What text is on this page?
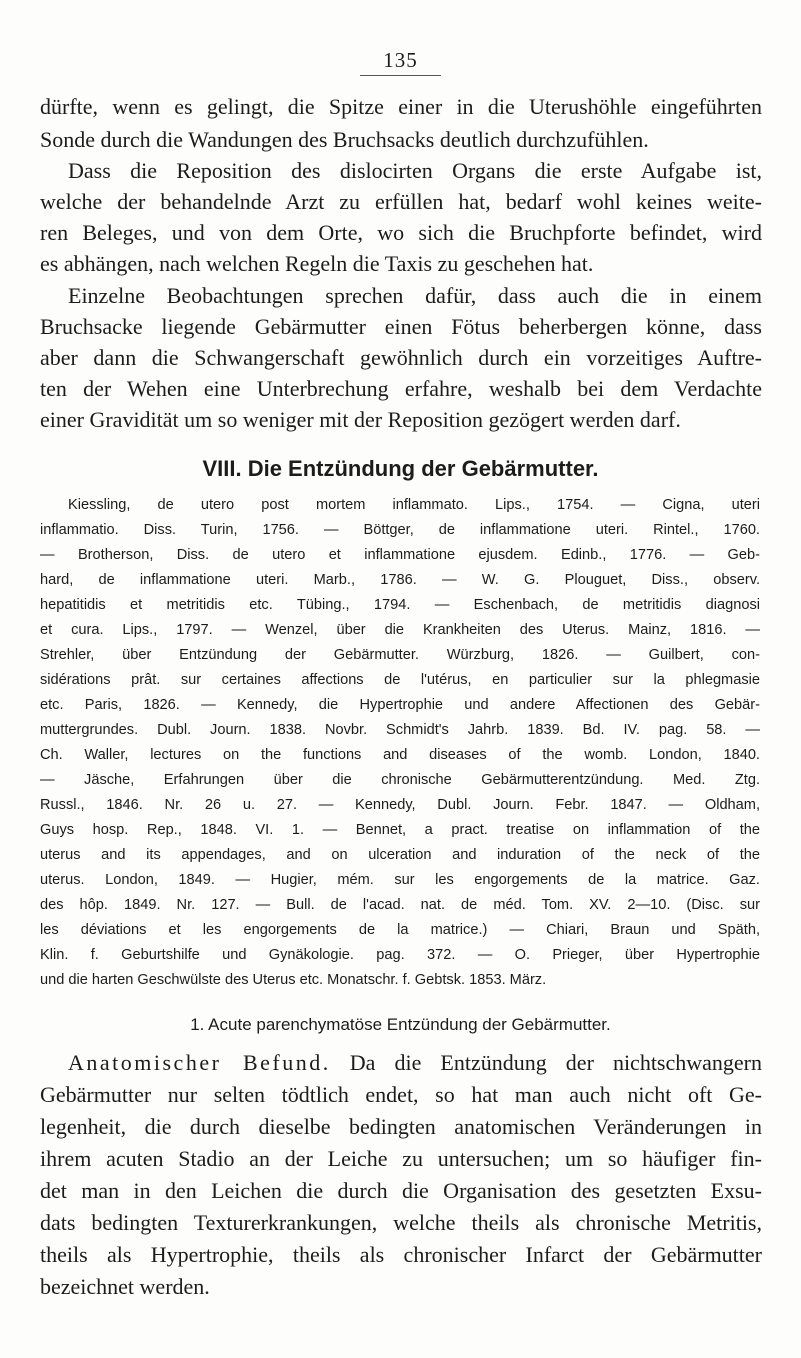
135
dürfte, wenn es gelingt, die Spitze einer in die Uterushöhle eingeführten
Sonde durch die Wandungen des Bruchsacks deutlich durchzufühlen.
Dass die Reposition des dislocirten Organs die erste Aufgabe ist,
welche der behandelnde Arzt zu erfüllen hat, bedarf wohl keines weite-
ren Beleges, und von dem Orte, wo sich die Bruchpforte befindet, wird
es abhängen, nach welchen Regeln die Taxis zu geschehen hat.
Einzelne Beobachtungen sprechen dafür, dass auch die in einem
Bruchsacke liegende Gebärmutter einen Fötus beherbergen könne, dass
aber dann die Schwangerschaft gewöhnlich durch ein vorzeitiges Auftre-
ten der Wehen eine Unterbrechung erfahre, weshalb bei dem Verdachte
einer Gravidität um so weniger mit der Reposition gezögert werden darf.
VIII. Die Entzündung der Gebärmutter.
Kiessling, de utero post mortem inflammato. Lips., 1754. — Cigna, uteri
inflammatio. Diss. Turin, 1756. — Böttger, de inflammatione uteri. Rintel., 1760.
— Brotherson, Diss. de utero et inflammatione ejusdem. Edinb., 1776. — Geb-
hard, de inflammatione uteri. Marb., 1786. — W. G. Plouguet, Diss., observ.
hepatitidis et metritidis etc. Tübing., 1794. — Eschenbach, de metritidis diagnosi
et cura. Lips., 1797. — Wenzel, über die Krankheiten des Uterus. Mainz, 1816. —
Strehler, über Entzündung der Gebärmutter. Würzburg, 1826. — Guilbert, con-
sidérations prât. sur certaines affections de l'utérus, en particulier sur la phlegmasie
etc. Paris, 1826. — Kennedy, die Hypertrophie und andere Affectionen des Gebär-
muttergrundes. Dubl. Journ. 1838. Novbr. Schmidt's Jahrb. 1839. Bd. IV. pag. 58. —
Ch. Waller, lectures on the functions and diseases of the womb. London, 1840.
— Jäsche, Erfahrungen über die chronische Gebärmutterentzündung. Med. Ztg.
Russl., 1846. Nr. 26 u. 27. — Kennedy, Dubl. Journ. Febr. 1847. — Oldham,
Guys hosp. Rep., 1848. VI. 1. — Bennet, a pract. treatise on inflammation of the
uterus and its appendages, and on ulceration and induration of the neck of the
uterus. London, 1849. — Hugier, mém. sur les engorgements de la matrice. Gaz.
des hôp. 1849. Nr. 127. — Bull. de l'acad. nat. de méd. Tom. XV. 2—10. (Disc. sur
les déviations et les engorgements de la matrice.) — Chiari, Braun und Späth,
Klin. f. Geburtshilfe und Gynäkologie. pag. 372. — O. Prieger, über Hypertrophie
und die harten Geschwülste des Uterus etc. Monatschr. f. Gebtsk. 1853. März.
1. Acute parenchymatöse Entzündung der Gebärmutter.
Anatomischer Befund. Da die Entzündung der nichtschwangern
Gebärmutter nur selten tödtlich endet, so hat man auch nicht oft Ge-
legenheit, die durch dieselbe bedingten anatomischen Veränderungen in
ihrem acuten Stadio an der Leiche zu untersuchen; um so häufiger fin-
det man in den Leichen die durch die Organisation des gesetzten Exsu-
dats bedingten Texturerkrankungen, welche theils als chronische Metritis,
theils als Hypertrophie, theils als chronischer Infarct der Gebärmutter
bezeichnet werden.
